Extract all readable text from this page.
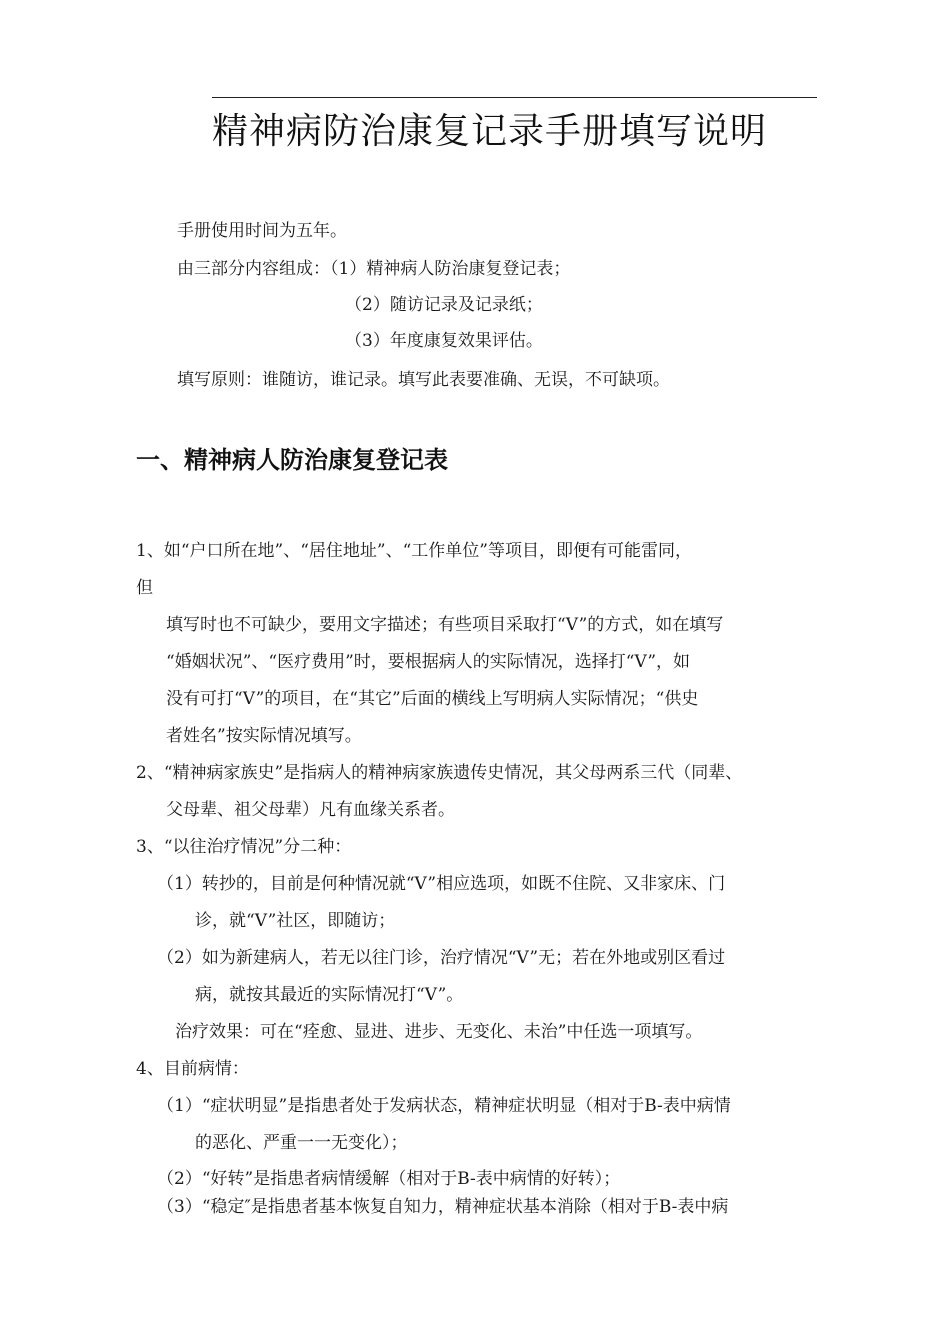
精神病防治康复记录手册填写说明
手册使用时间为五年。
由三部分内容组成：（1）精神病人防治康复登记表；
（2）随访记录及记录纸；
（3）年度康复效果评估。
填写原则：谁随访，谁记录。填写此表要准确、无误，不可缺项。
一、精神病人防治康复登记表
1、如“户口所在地”、“居住地址”、“工作单位”等项目，即便有可能雷同，
但
填写时也不可缺少，要用文字描述；有些项目采取打“V”的方式，如在填写
“婚姻状况”、“医疗费用”时，要根据病人的实际情况，选择打“V”，如
没有可打“V”的项目，在“其它”后面的横线上写明病人实际情况；“供史
者姓名”按实际情况填写。
2、“精神病家族史”是指病人的精神病家族遗传史情况，其父母两系三代（同辈、
父母辈、祖父母辈）凡有血缘关系者。
3、“以往治疗情况”分二种：
（1）转抄的，目前是何种情况就“V”相应选项，如既不住院、又非家床、门
诊，就“V”社区，即随访；
（2）如为新建病人，若无以往门诊，治疗情况“V”无；若在外地或别区看过
病，就按其最近的实际情况打“V”。
治疗效果：可在“痊愈、显进、进步、无变化、未治”中任选一项填写。
4、目前病情：
（1）“症状明显”是指患者处于发病状态，精神症状明显（相对于B-表中病情
的恶化、严重一一无变化）；
（2）“好转”是指患者病情缓解（相对于B-表中病情的好转）；
（3）“稳定″是指患者基本恢复自知力，精神症状基本消除（相对于B-表中病
